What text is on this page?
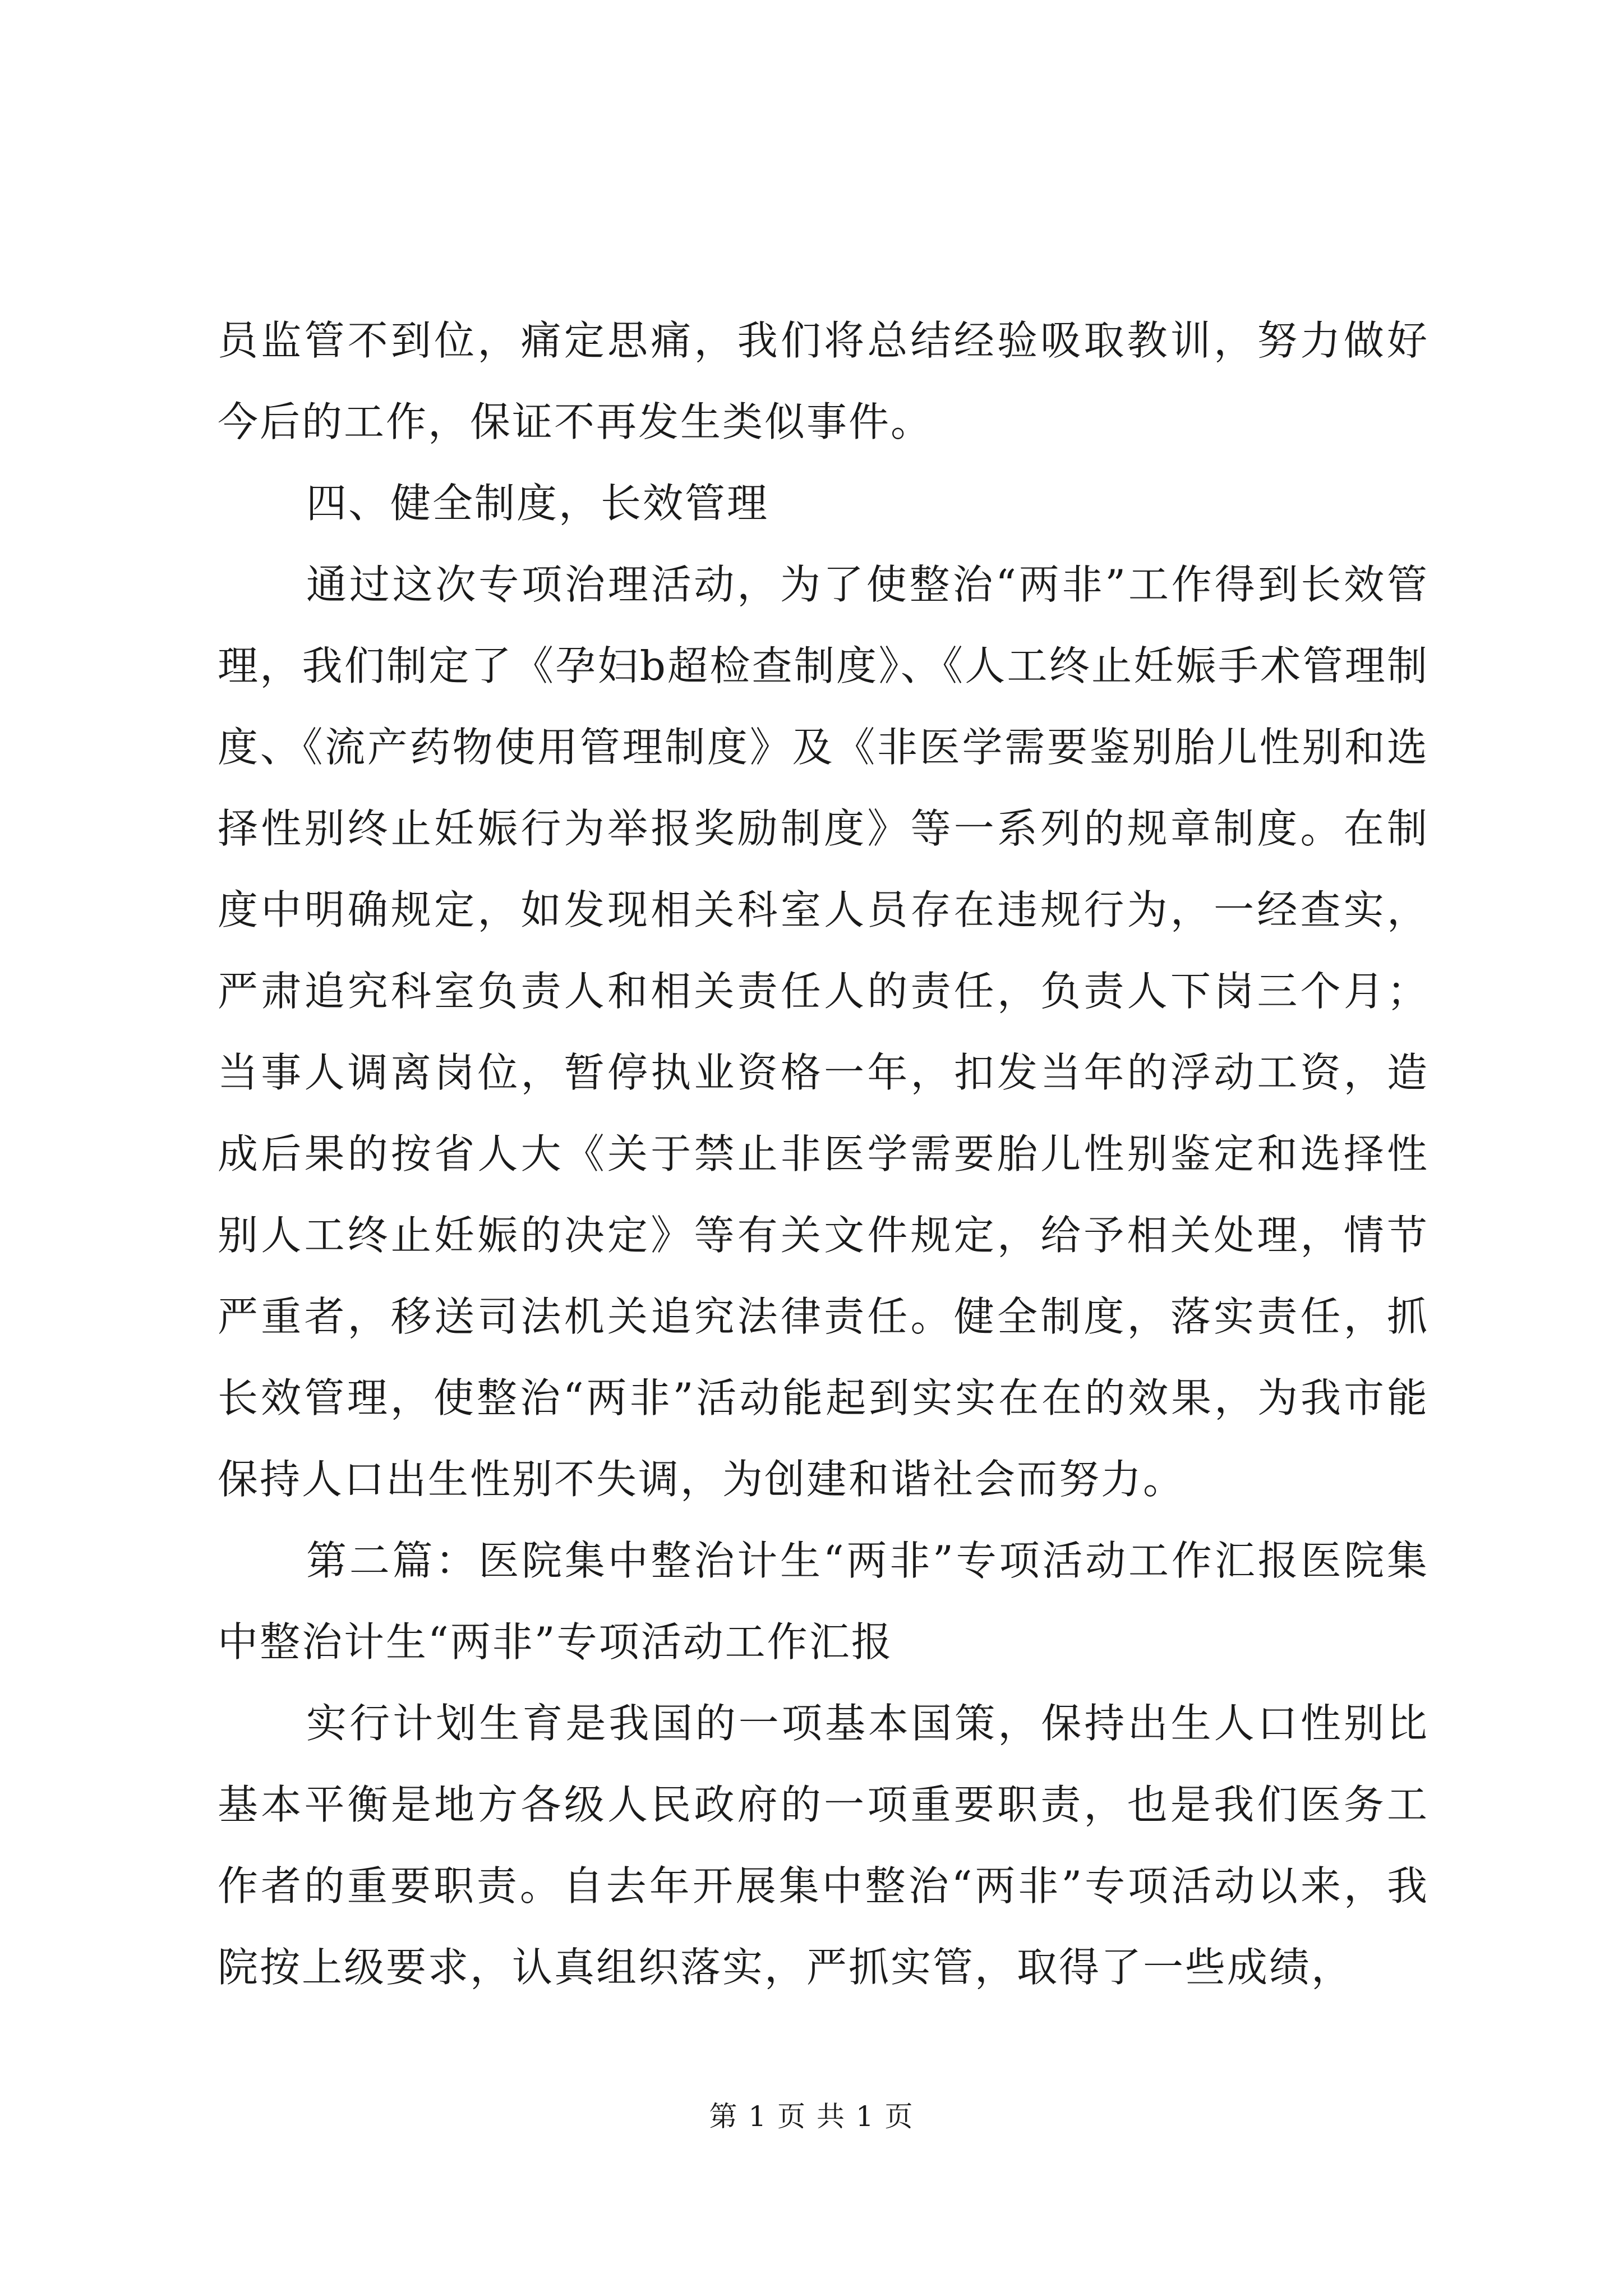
员监管不到位，痛定思痛，我们将总结经验吸取教训，努力做好今后的工作，保证不再发生类似事件。

四、健全制度，长效管理

通过这次专项治理活动，为了使整治“两非”工作得到长效管理，我们制定了《孕妇b超检查制度》、《人工终止妊娠手术管理制度、《流产药物使用管理制度》及《非医学需要鉴别胎儿性别和选择性别终止妊娠行为举报奖励制度》等一系列的规章制度。在制度中明确规定，如发现相关科室人员存在违规行为，一经查实，严肃追究科室负责人和相关责任人的责任，负责人下岗三个月；当事人调离岗位，暂停执业资格一年，扣发当年的浮动工资，造成后果的按省人大《关于禁止非医学需要胎儿性别鉴定和选择性别人工终止妊娠的决定》等有关文件规定，给予相关处理，情节严重者，移送司法机关追究法律责任。健全制度，落实责任，抓长效管理，使整治“两非”活动能起到实实在在的效果，为我市能保持人口出生性别不失调，为创建和谐社会而努力。

第二篇：医院集中整治计生“两非”专项活动工作汇报医院集中整治计生“两非”专项活动工作汇报

实行计划生育是我国的一项基本国策，保持出生人口性别比基本平衡是地方各级人民政府的一项重要职责，也是我们医务工作者的重要职责。自去年开展集中整治“两非”专项活动以来，我院按上级要求，认真组织落实，严抓实管，取得了一些成绩，

第 1 页 共 1 页
